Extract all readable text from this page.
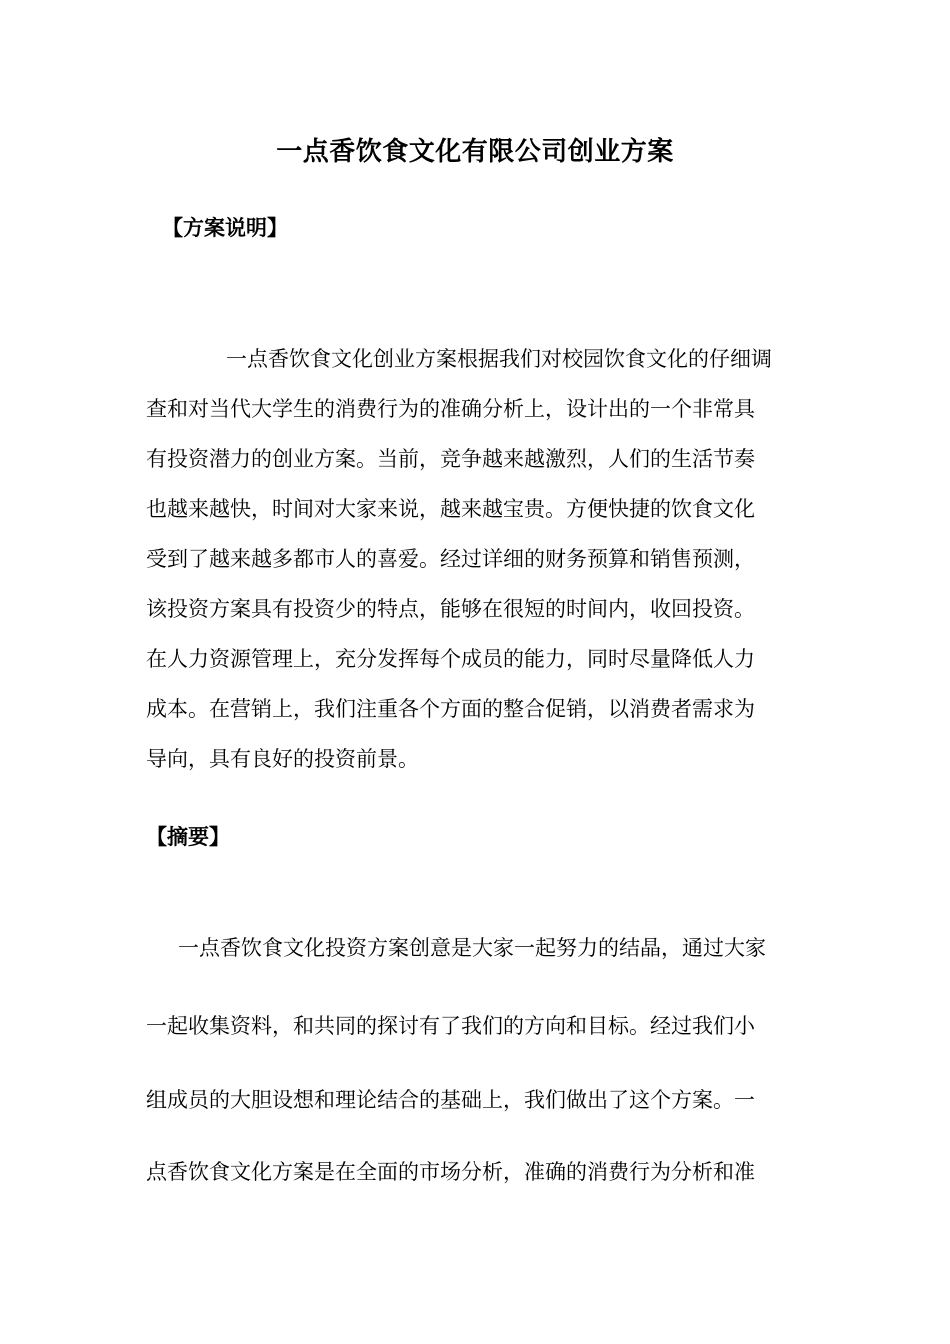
一点香饮食文化有限公司创业方案
【方案说明】
一点香饮食文化创业方案根据我们对校园饮食文化的仔细调
查和对当代大学生的消费行为的准确分析上，设计出的一个非常具
有投资潜力的创业方案。当前，竞争越来越激烈，人们的生活节奏
也越来越快，时间对大家来说，越来越宝贵。方便快捷的饮食文化
受到了越来越多都市人的喜爱。经过详细的财务预算和销售预测，
该投资方案具有投资少的特点，能够在很短的时间内，收回投资。
在人力资源管理上，充分发挥每个成员的能力，同时尽量降低人力
成本。在营销上，我们注重各个方面的整合促销，以消费者需求为
导向，具有良好的投资前景。
【摘要】
一点香饮食文化投资方案创意是大家一起努力的结晶，通过大家
一起收集资料，和共同的探讨有了我们的方向和目标。经过我们小
组成员的大胆设想和理论结合的基础上，我们做出了这个方案。一
点香饮食文化方案是在全面的市场分析，准确的消费行为分析和准
